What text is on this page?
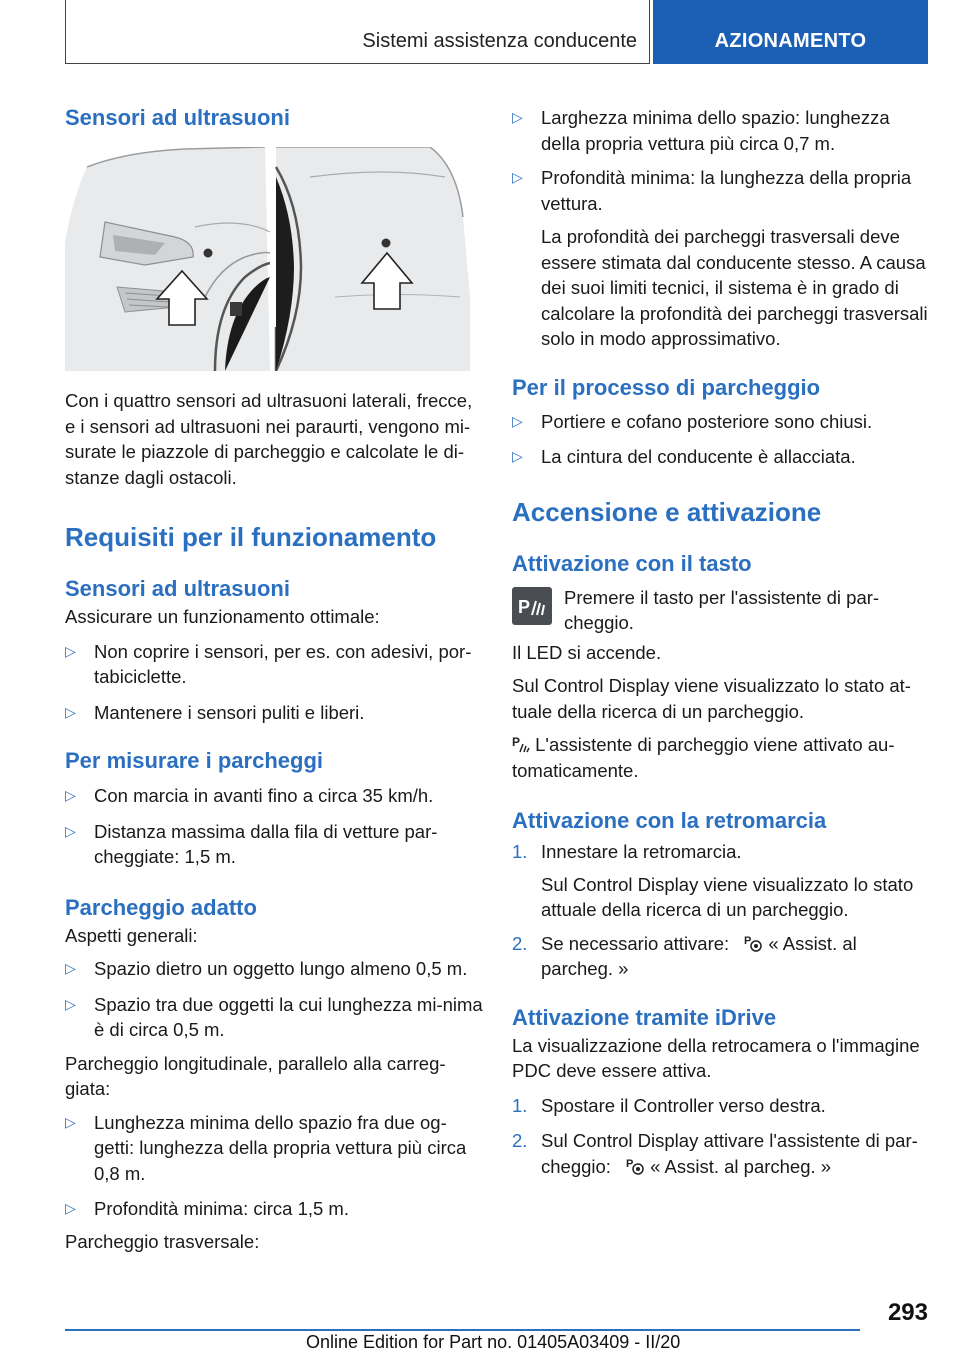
Sistemi assistenza conducente	AZIONAMENTO
Sensori ad ultrasuoni

Con i quattro sensori ad ultrasuoni laterali, frecce, e i sensori ad ultrasuoni nei paraurti, vengono mi-surate le piazzole di parcheggio e calcolate le di-stanze dagli ostacoli.

Requisiti per il funzionamento
Sensori ad ultrasuoni

Assicurare un funzionamento ottimale:

▷ Non coprire i sensori, per es. con adesivi, por-tabiciclette.
▷ Mantenere i sensori puliti e liberi.
Per misurare i parcheggi
▷ Con marcia in avanti fino a circa 35 km/h.
▷ Distanza massima dalla fila di vetture par-cheggiate: 1,5 m.
Parcheggio adatto

Aspetti generali:

▷ Spazio dietro un oggetto lungo almeno 0,5 m.
▷ Spazio tra due oggetti la cui lunghezza mi-nima è di circa 0,5 m.

Parcheggio longitudinale, parallelo alla carreg-giata:

▷ Lunghezza minima dello spazio fra due og-getti: lunghezza della propria vettura più circa 0,8 m.
▷ Profondità minima: circa 1,5 m.

Parcheggio trasversale:

▷ Larghezza minima dello spazio: lunghezza della propria vettura più circa 0,7 m.
▷ Profondità minima: la lunghezza della propria vettura.

La profondità dei parcheggi trasversali deve essere stimata dal conducente stesso. A causa dei suoi limiti tecnici, il sistema è in grado di calcolare la profondità dei parcheggi trasversali solo in modo approssimativo.

Per il processo di parcheggio
▷ Portiere e cofano posteriore sono chiusi.
▷ La cintura del conducente è allacciata.
Accensione e attivazione
Attivazione con il tasto
P	Premere il tasto per l'assistente di par-cheggio.

Il LED si accende.

Sul Control Display viene visualizzato lo stato at-tuale della ricerca di un parcheggio.

P L'assistente di parcheggio viene attivato au-tomaticamente.

Attivazione con la retromarcia
1. Innestare la retromarcia.

Sul Control Display viene visualizzato lo stato attuale della ricerca di un parcheggio.

2. Se necessario attivare: P « Assist. al parcheg. »
Attivazione tramite iDrive

La visualizzazione della retrocamera o l'immagine PDC deve essere attiva.

1. Spostare il Controller verso destra.
2. Sul Control Display attivare l'assistente di par-cheggio: P « Assist. al parcheg. »
293
Online Edition for Part no. 01405A03409 - II/20
